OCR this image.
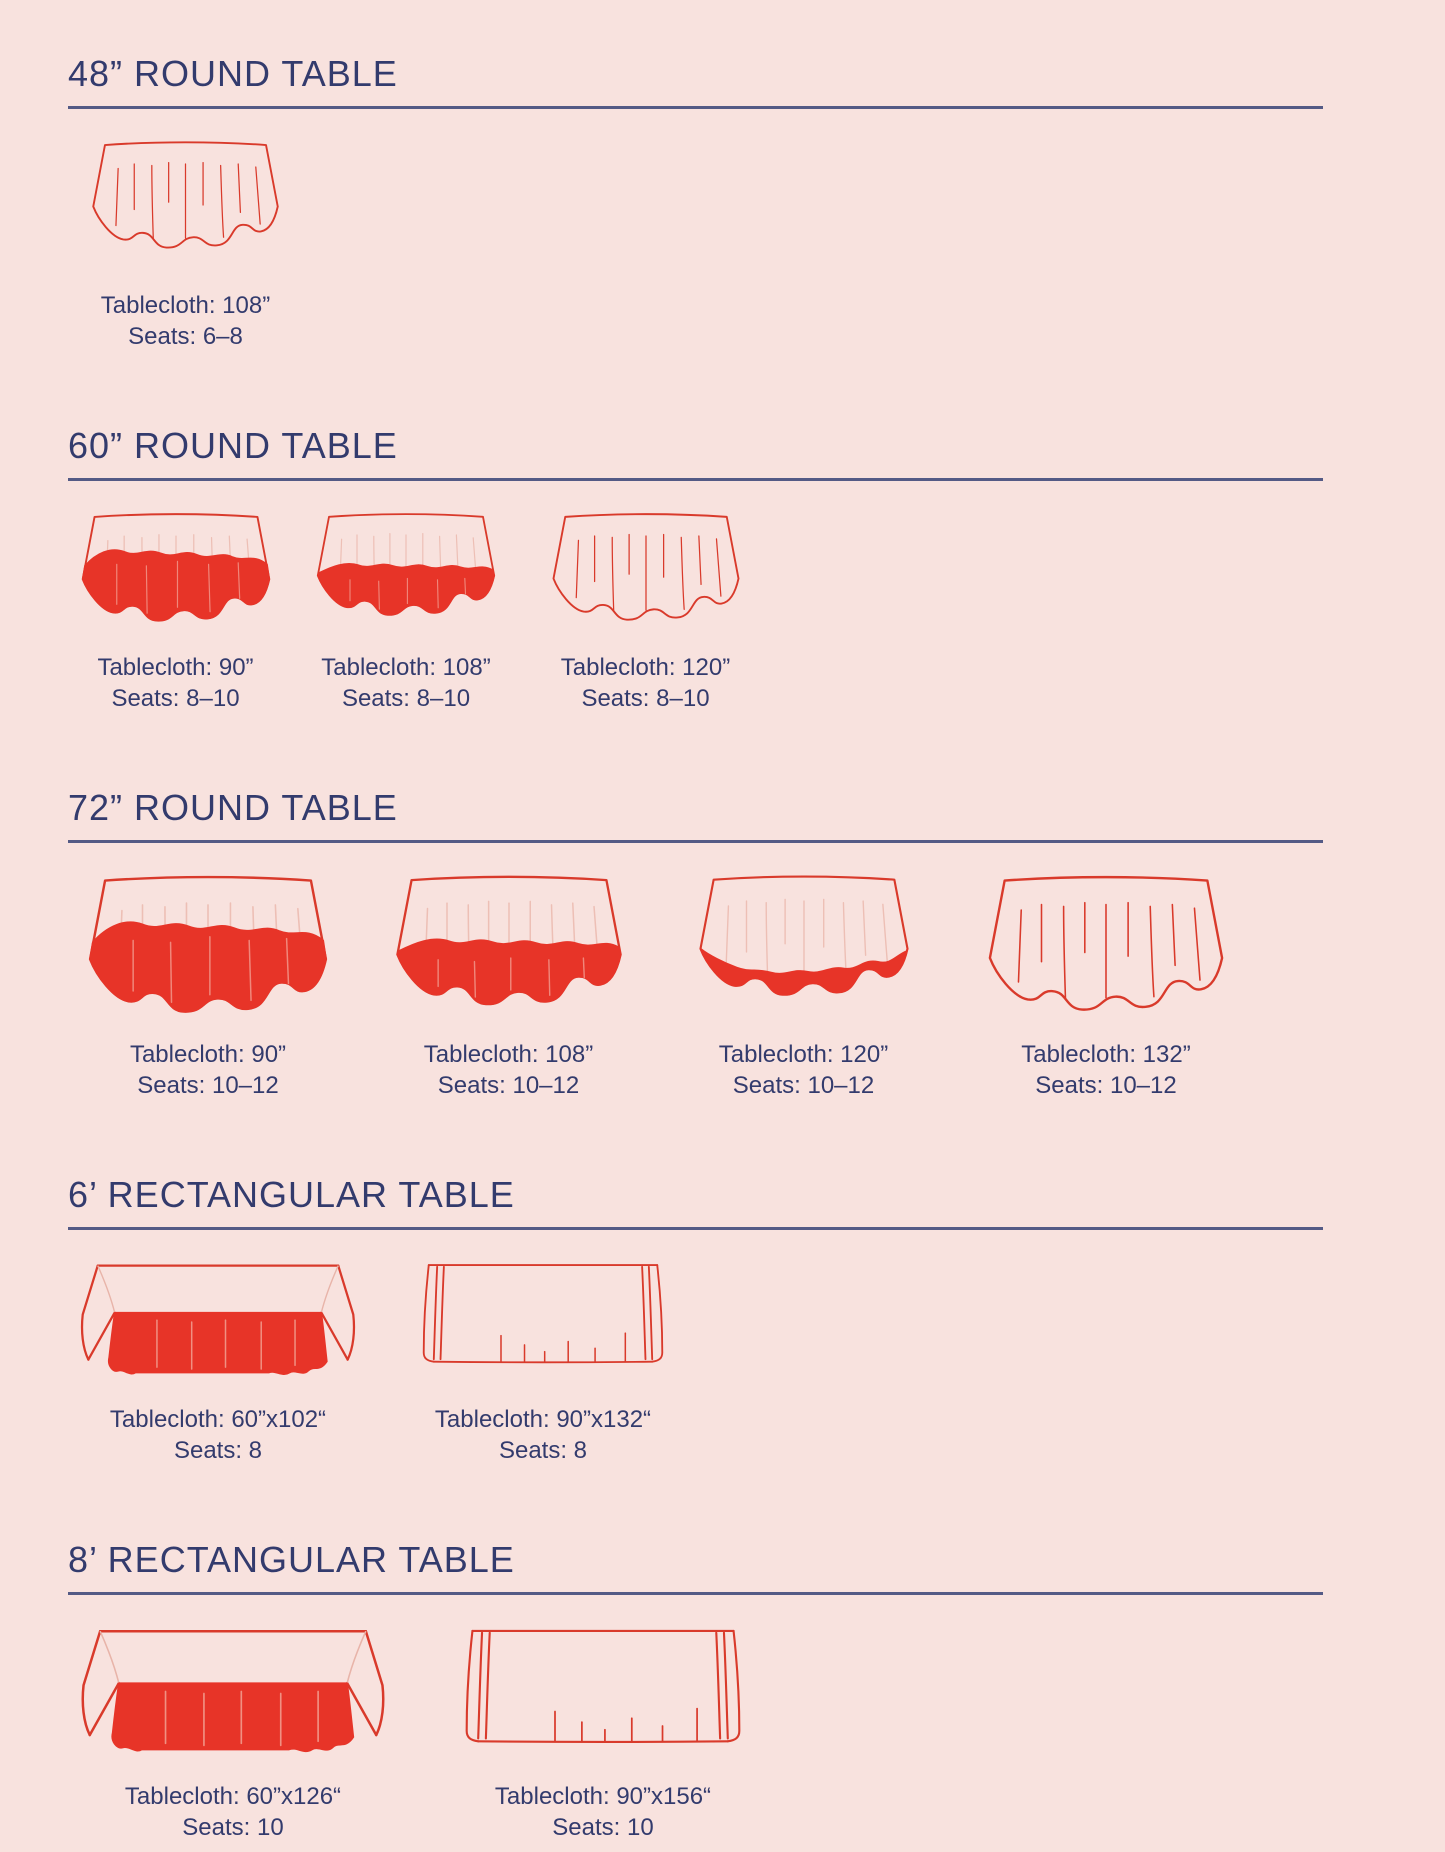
48” ROUND TABLE
Tablecloth: 108”
Seats: 6–8
60” ROUND TABLE
Tablecloth: 90”
Seats: 8–10
Tablecloth: 108”
Seats: 8–10
Tablecloth: 120”
Seats: 8–10
72” ROUND TABLE
Tablecloth: 90”
Seats: 10–12
Tablecloth: 108”
Seats: 10–12
Tablecloth: 120”
Seats: 10–12
Tablecloth: 132”
Seats: 10–12
6’ RECTANGULAR TABLE
Tablecloth: 60”x102“
Seats: 8
Tablecloth: 90”x132“
Seats: 8
8’ RECTANGULAR TABLE
Tablecloth: 60”x126“
Seats: 10
Tablecloth: 90”x156“
Seats: 10
